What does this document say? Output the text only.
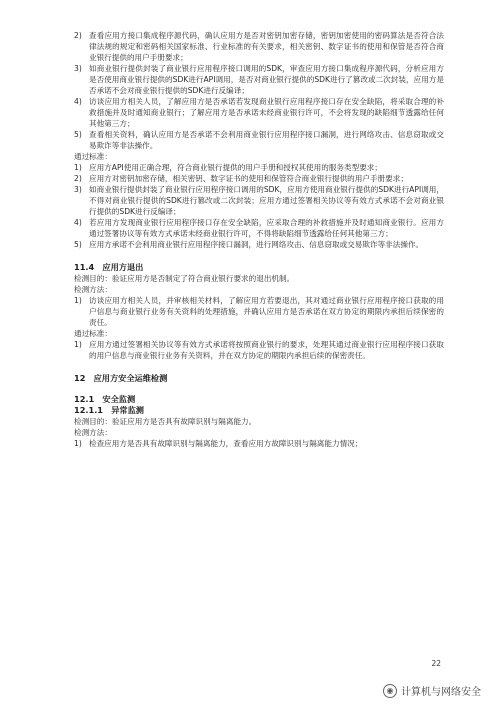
2) 查看应用方接口集成程序源代码，确认应用方是否对密钥加密存储，密钥加密使用的密码算法是否符合法律法规的规定和密码相关国家标准、行业标准的有关要求，相关密钥、数字证书的使用和保管是否符合商业银行提供的用户手册要求；
3) 如商业银行提供封装了商业银行应用程序接口调用的SDK，审查应用方接口集成程序源代码，分析应用方是否使用商业银行提供的SDK进行API调用，是否对商业银行提供的SDK进行了篡改或二次封装，应用方是否承诺不会对商业银行提供的SDK进行反编译；
4) 访谈应用方相关人员，了解应用方是否承诺若发现商业银行应用程序接口存在安全缺陷，将采取合理的补救措施并及时通知商业银行；了解应用方是否承诺未经商业银行许可，不会将发现的缺陷细节透露给任何其他第三方；
5) 查看相关资料，确认应用方是否承诺不会利用商业银行应用程序接口漏洞，进行网络攻击、信息窃取或交易欺诈等非法操作。
通过标准：
1) 应用方API使用正确合理，符合商业银行提供的用户手册和授权其使用的服务类型要求；
2) 应用方对密钥加密存储，相关密钥、数字证书的使用和保管符合商业银行提供的用户手册要求；
3) 如商业银行提供封装了商业银行应用程序接口调用的SDK，应用方使用商业银行提供的SDK进行API调用，不得对商业银行提供的SDK进行篡改或二次封装；应用方通过签署相关协议等有效方式承诺不会对商业银行提供的SDK进行反编译；
4) 若应用方发现商业银行应用程序接口存在安全缺陷，应采取合理的补救措施并及时通知商业银行。应用方通过签署协议等有效方式承诺未经商业银行许可，不得将缺陷细节透露给任何其他第三方；
5) 应用方承诺不会利用商业银行应用程序接口漏洞，进行网络攻击、信息窃取或交易欺诈等非法操作。
11.4　应用方退出
检测目的：验证应用方是否制定了符合商业银行要求的退出机制。
检测方法：
1) 访谈应用方相关人员，并审核相关材料，了解应用方若要退出，其对通过商业银行应用程序接口获取的用户信息与商业银行业务有关资料的处理措施，并确认应用方是否承诺在双方协定的期限内承担后续保密的责任。
通过标准：
1) 应用方通过签署相关协议等有效方式承诺将按照商业银行的要求，处理其通过商业银行应用程序接口获取的用户信息与商业银行业务有关资料，并在双方协定的期限内承担后续的保密责任。
12　应用方安全运维检测
12.1　安全监测
12.1.1　异常监测
检测目的：验证应用方是否具有故障识别与隔离能力。
检测方法：
1) 检查应用方是否具有故障识别与隔离能力，查看应用方故障识别与隔离能力情况；
22
◉ 计算机与网络安全
